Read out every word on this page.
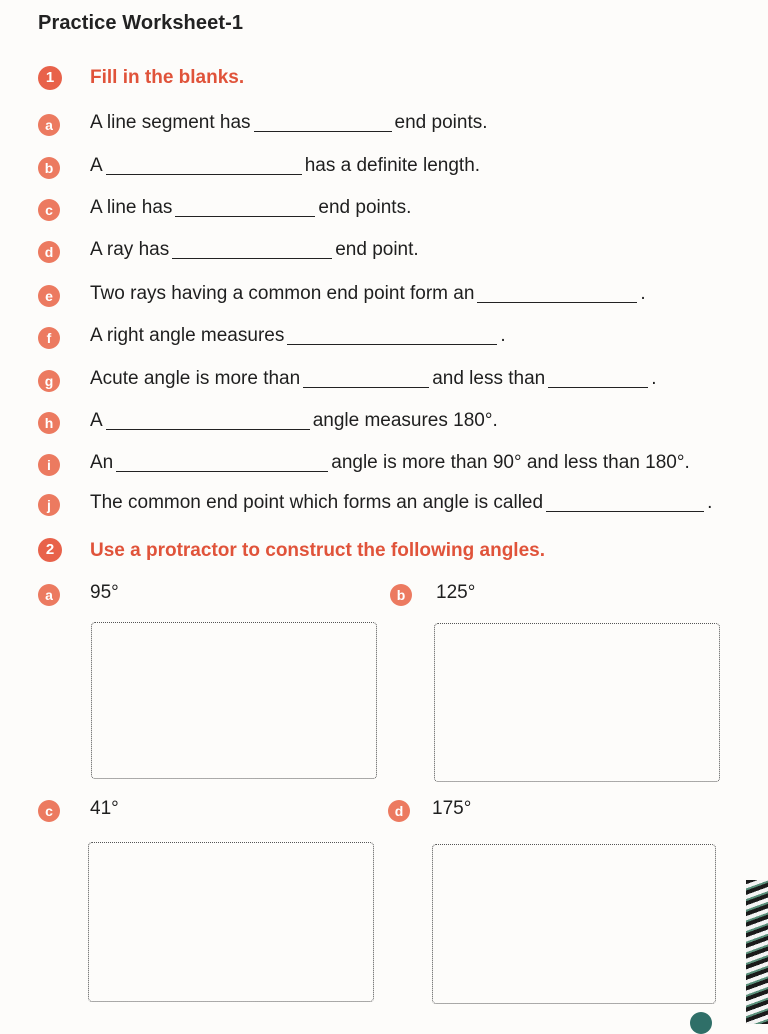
Practice Worksheet-1
1	Fill in the blanks.
a	A line segment has	end points.
b	A	has a definite length.
c	A line has	end points.
d	A ray has	end point.
e	Two rays having a common end point form an	.
f	A right angle measures	.
g	Acute angle is more than	and less than	.
h	A	angle measures 180°.
i	An	angle is more than 90° and less than 180°.
j	The common end point which forms an angle is called	.
2	Use a protractor to construct the following angles.
a	95°	b	125°
c	41°	d	175°
